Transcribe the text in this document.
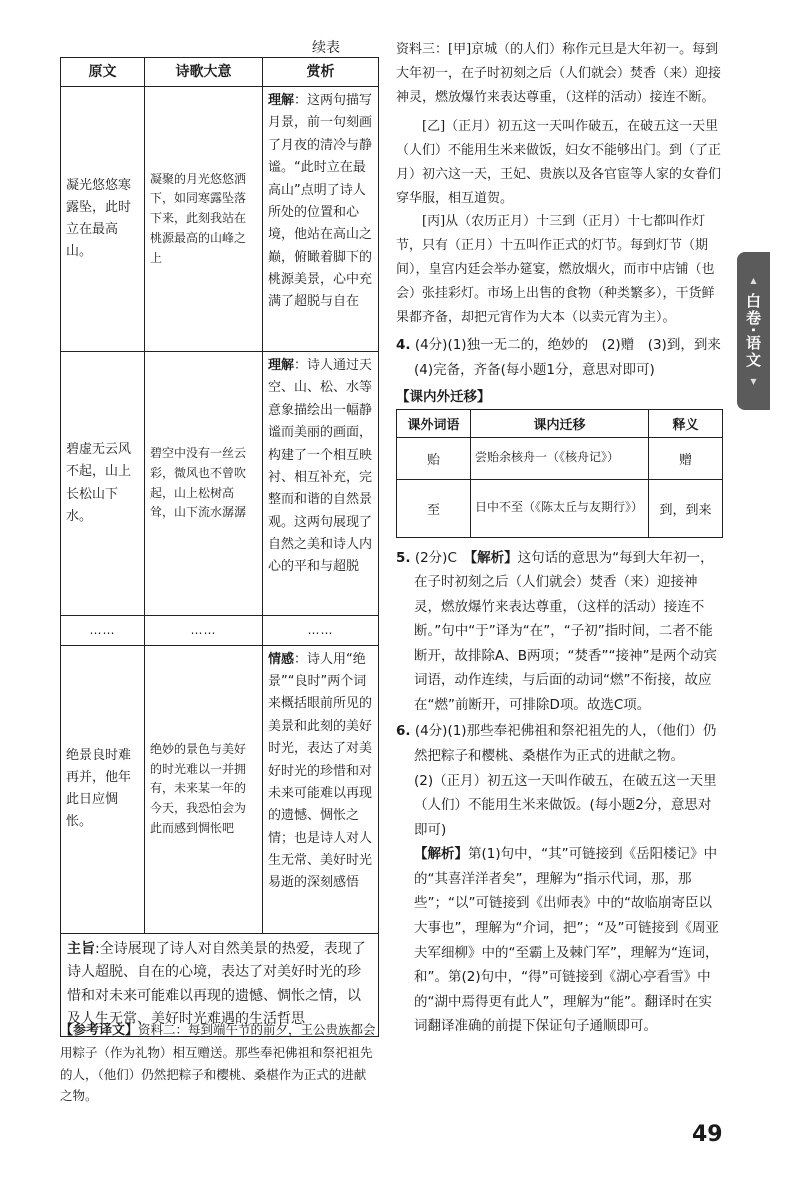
续表
原文	诗歌大意	赏析
凝光悠悠寒露坠，此时立在最高山。	凝聚的月光悠悠洒下，如同寒露坠落下来，此刻我站在桃源最高的山峰之上	理解：这两句描写月景，前一句刻画了月夜的清冷与静谧。“此时立在最高山”点明了诗人所处的位置和心境，他站在高山之巅，俯瞰着脚下的桃源美景，心中充满了超脱与自在
碧虚无云风不起，山上长松山下水。	碧空中没有一丝云彩，微风也不曾吹起，山上松树高耸，山下流水潺潺	理解：诗人通过天空、山、松、水等意象描绘出一幅静谧而美丽的画面，构建了一个相互映衬、相互补充，完整而和谐的自然景观。这两句展现了自然之美和诗人内心的平和与超脱
……	……	……
绝景良时难再并，他年此日应惆怅。	绝妙的景色与美好的时光难以一并拥有，未来某一年的今天，我恐怕会为此而感到惆怅吧	情感：诗人用“绝景”“良时”两个词来概括眼前所见的美景和此刻的美好时光，表达了对美好时光的珍惜和对未来可能难以再现的遗憾、惆怅之情；也是诗人对人生无常、美好时光易逝的深刻感悟
主旨:全诗展现了诗人对自然美景的热爱，表现了诗人超脱、自在的心境，表达了对美好时光的珍惜和对未来可能难以再现的遗憾、惆怅之情，以及人生无常、美好时光难遇的生活哲思		
【参考译文】资料二：每到端午节的前夕，王公贵族都会用粽子（作为礼物）相互赠送。那些奉祀佛祖和祭祀祖先的人，（他们）仍然把粽子和樱桃、桑椹作为正式的进献之物。

资料三：[甲]京城（的人们）称作元旦是大年初一。每到大年初一，在子时初刻之后（人们就会）焚香（来）迎接神灵，燃放爆竹来表达尊重，（这样的活动）接连不断。

[乙]（正月）初五这一天叫作破五，在破五这一天里（人们）不能用生米来做饭，妇女不能够出门。到（了正月）初六这一天，王妃、贵族以及各官宦等人家的女眷们穿华服，相互道贺。

[丙]从（农历正月）十三到（正月）十七都叫作灯节，只有（正月）十五叫作正式的灯节。每到灯节（期间），皇宫内廷会举办筵宴，燃放烟火，而市中店铺（也会）张挂彩灯。市场上出售的食物（种类繁多），干货鲜果都齐备，却把元宵作为大本（以卖元宵为主）。

4. (4分)(1)独一无二的，绝妙的　(2)赠　(3)到，到来　(4)完备，齐备(每小题1分，意思对即可)

【课内外迁移】
课外词语	课内迁移	释义
贻	尝贻余核舟一（《核舟记》）	赠
至	日中不至（《陈太丘与友期行》）	到，到来

5. (2分)C　【解析】这句话的意思为“每到大年初一，在子时初刻之后（人们就会）焚香（来）迎接神灵，燃放爆竹来表达尊重，（这样的活动）接连不断。”句中“于”译为“在”，“子初”指时间，二者不能断开，故排除A、B两项；“焚香”“接神”是两个动宾词语，动作连续，与后面的动词“燃”不衔接，故应在“燃”前断开，可排除D项。故选C项。

6. (4分)(1)那些奉祀佛祖和祭祀祖先的人，（他们）仍然把粽子和樱桃、桑椹作为正式的进献之物。

(2)（正月）初五这一天叫作破五，在破五这一天里（人们）不能用生米来做饭。(每小题2分，意思对即可)

【解析】第(1)句中，“其”可链接到《岳阳楼记》中的“其喜洋洋者矣”，理解为“指示代词，那，那些”；“以”可链接到《出师表》中的“故临崩寄臣以大事也”，理解为“介词，把”；“及”可链接到《周亚夫军细柳》中的“至霸上及棘门军”，理解为“连词，和”。第(2)句中，“得”可链接到《湖心亭看雪》中的“湖中焉得更有此人”，理解为“能”。翻译时在实词翻译准确的前提下保证句子通顺即可。

▲
白卷·语文
▼
49
